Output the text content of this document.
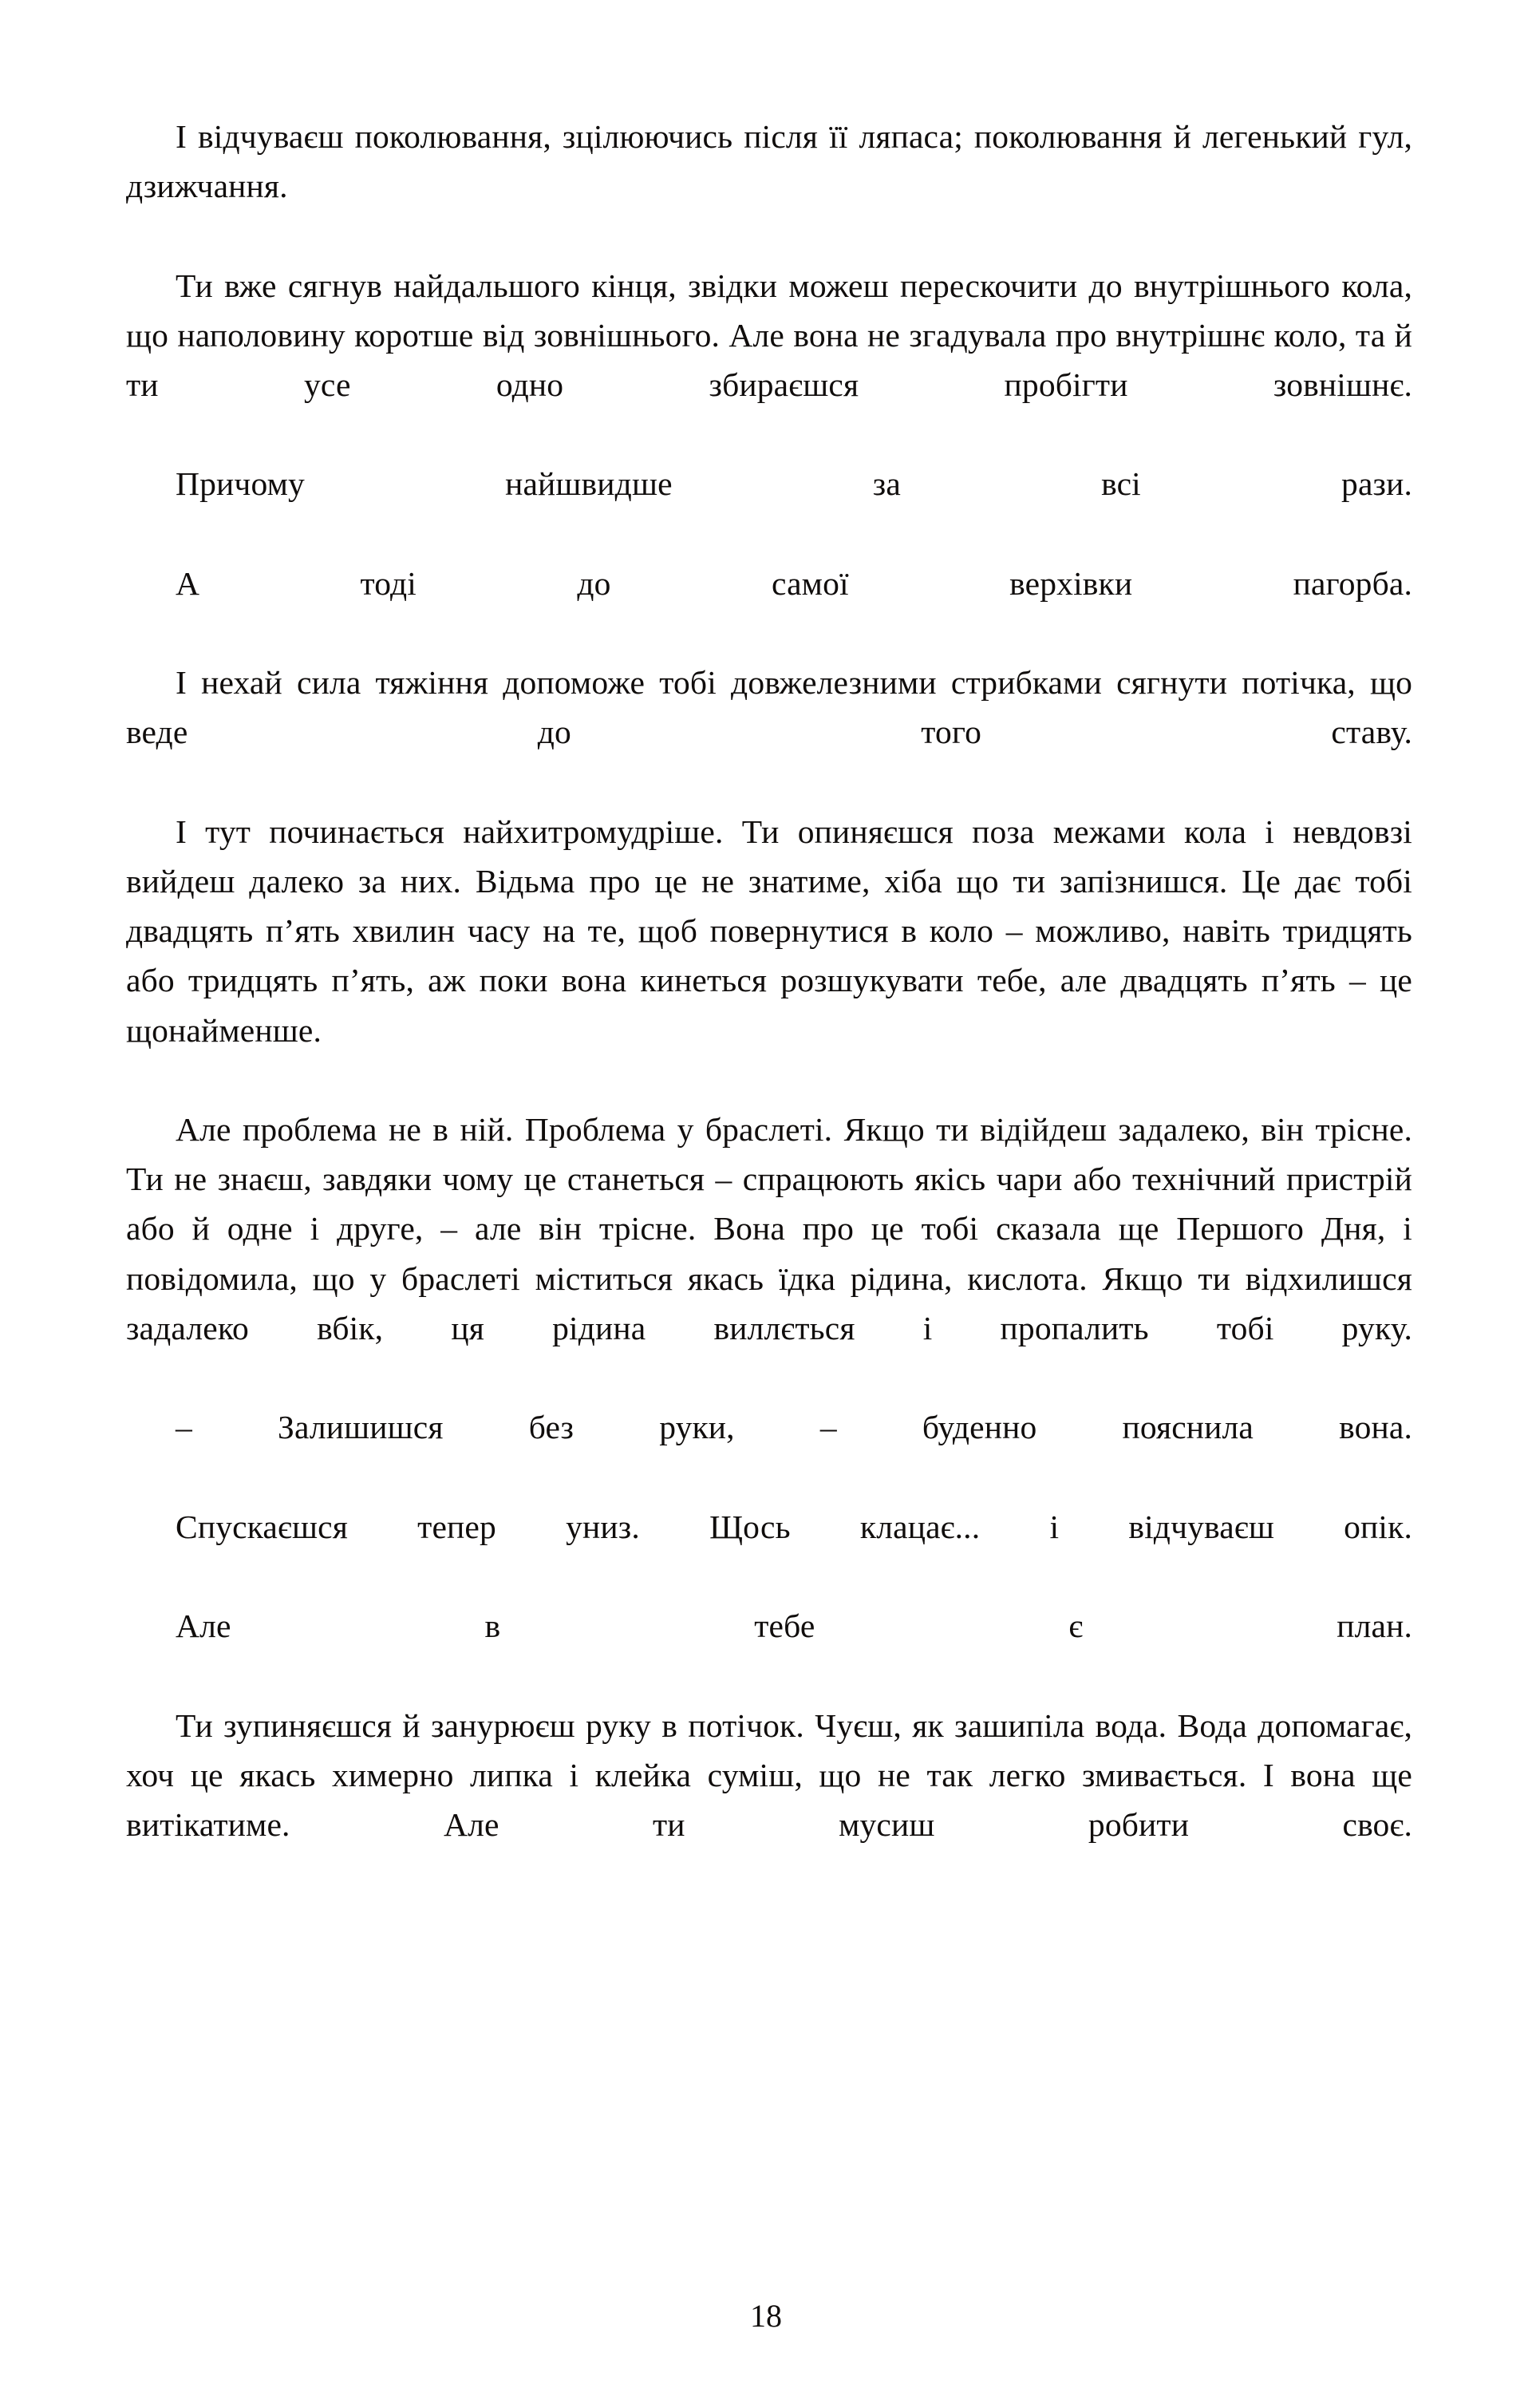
І відчуваєш поколювання, зцілюючись після її ляпаса; поколювання й легенький гул, дзижчання.

Ти вже сягнув найдальшого кінця, звідки можеш перескочити до внутрішнього кола, що наполовину коротше від зовнішнього. Але вона не згадувала про внутрішнє коло, та й ти усе одно збираєшся пробігти зовнішнє.

Причому найшвидше за всі рази.

А тоді до самої верхівки пагорба.

І нехай сила тяжіння допоможе тобі довжелезними стрибками сягнути потічка, що веде до того ставу.

І тут починається найхитромудріше. Ти опиняєшся поза межами кола і невдовзі вийдеш далеко за них. Відьма про це не знатиме, хіба що ти запізнишся. Це дає тобі двадцять п’ять хвилин часу на те, щоб повернутися в коло – можливо, навіть тридцять або тридцять п’ять, аж поки вона кинеться розшукувати тебе, але двадцять п’ять – це щонайменше.

Але проблема не в ній. Проблема у браслеті. Якщо ти відійдеш задалеко, він трісне. Ти не знаєш, завдяки чому це станеться – спрацюють якісь чари або технічний пристрій або й одне і друге, – але він трісне. Вона про це тобі сказала ще Першого Дня, і повідомила, що у браслеті міститься якась їдка рідина, кислота. Якщо ти відхилишся задалеко вбік, ця рідина виллється і пропалить тобі руку.

– Залишишся без руки, – буденно пояснила вона.

Спускаєшся тепер униз. Щось клацає... і відчуваєш опік.

Але в тебе є план.

Ти зупиняєшся й занурюєш руку в потічок. Чуєш, як зашипіла вода. Вода допомагає, хоч це якась химерно липка і клейка суміш, що не так легко змивається. І вона ще витікатиме. Але ти мусиш робити своє.

18
